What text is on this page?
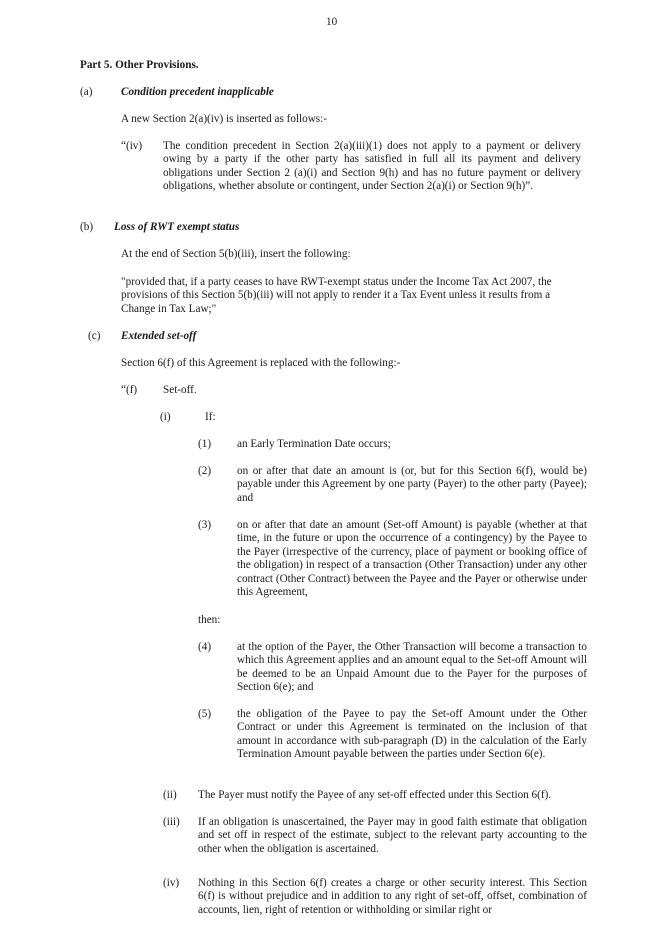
10
Part 5. Other Provisions.
(a)	Condition precedent inapplicable
A new Section 2(a)(iv) is inserted as follows:-
“(iv) The condition precedent in Section 2(a)(iii)(1) does not apply to a payment or delivery owing by a party if the other party has satisfied in full all its payment and delivery obligations under Section 2 (a)(i) and Section 9(h) and has no future payment or delivery obligations, whether absolute or contingent, under Section 2(a)(i) or Section 9(h)”.
(b) Loss of RWT exempt status
At the end of Section 5(b)(iii), insert the following:
"provided that, if a party ceases to have RWT-exempt status under the Income Tax Act 2007, the provisions of this Section 5(b)(iii) will not apply to render it a Tax Event unless it results from a Change in Tax Law;"
(c) Extended set-off
Section 6(f) of this Agreement is replaced with the following:-
“(f) Set-off.
(i)	If:
(1) an Early Termination Date occurs;
(2) on or after that date an amount is (or, but for this Section 6(f), would be) payable under this Agreement by one party (Payer) to the other party (Payee); and
(3) on or after that date an amount (Set-off Amount) is payable (whether at that time, in the future or upon the occurrence of a contingency) by the Payee to the Payer (irrespective of the currency, place of payment or booking office of the obligation) in respect of a transaction (Other Transaction) under any other contract (Other Contract) between the Payee and the Payer or otherwise under this Agreement,
then:
(4) at the option of the Payer, the Other Transaction will become a transaction to which this Agreement applies and an amount equal to the Set-off Amount will be deemed to be an Unpaid Amount due to the Payer for the purposes of Section 6(e); and
(5) the obligation of the Payee to pay the Set-off Amount under the Other Contract or under this Agreement is terminated on the inclusion of that amount in accordance with sub-paragraph (D) in the calculation of the Early Termination Amount payable between the parties under Section 6(e).
(ii) The Payer must notify the Payee of any set-off effected under this Section 6(f).
(iii) If an obligation is unascertained, the Payer may in good faith estimate that obligation and set off in respect of the estimate, subject to the relevant party accounting to the other when the obligation is ascertained.
(iv) Nothing in this Section 6(f) creates a charge or other security interest. This Section 6(f) is without prejudice and in addition to any right of set-off, offset, combination of accounts, lien, right of retention or withholding or similar right or
